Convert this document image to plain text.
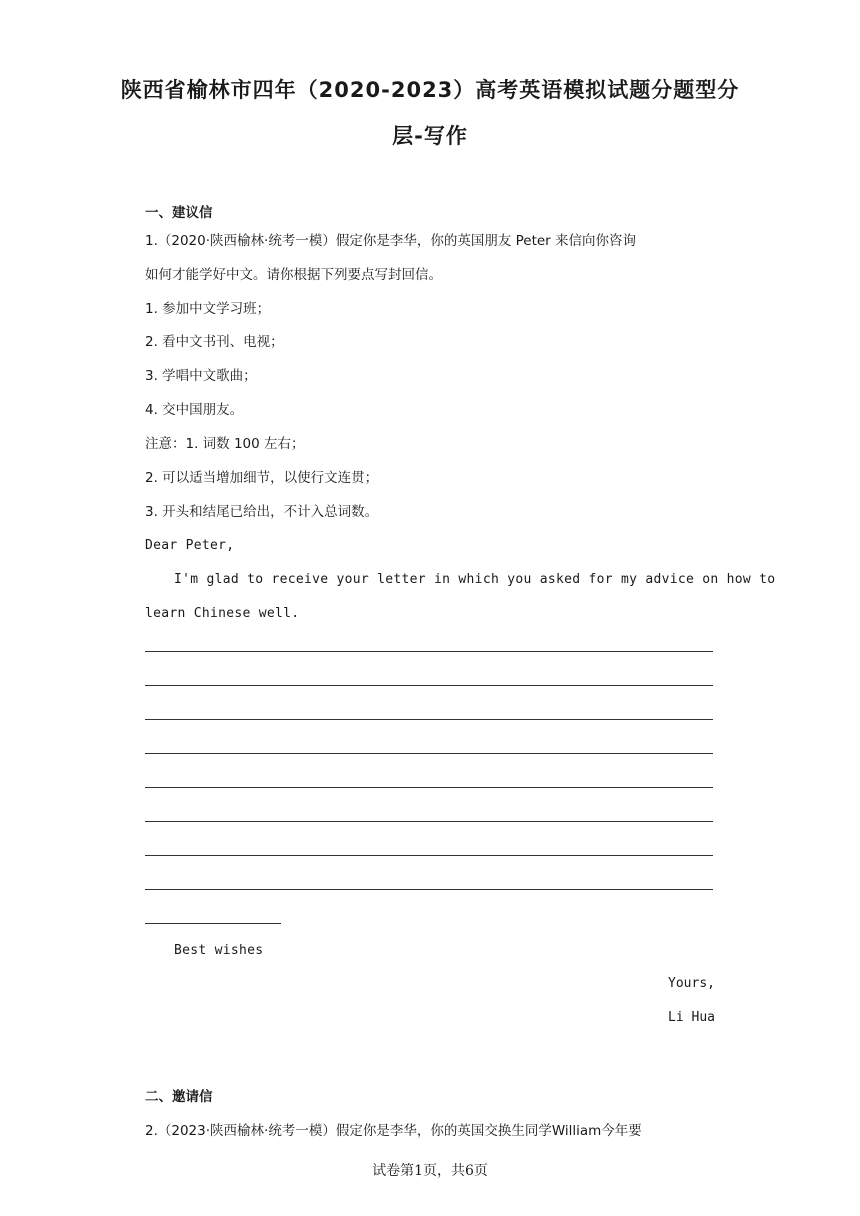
陕西省榆林市四年（2020-2023）高考英语模拟试题分题型分
层-写作
一、建议信
1.（2020·陕西榆林·统考一模）假定你是李华，你的英国朋友 Peter 来信向你咨询
如何才能学好中文。请你根据下列要点写封回信。
1. 参加中文学习班；
2. 看中文书刊、电视；
3. 学唱中文歌曲；
4. 交中国朋友。
注意：1. 词数 100 左右；
2. 可以适当增加细节，以使行文连贯；
3. 开头和结尾已给出，不计入总词数。
Dear Peter,
I'm glad to receive your letter in which you asked for my advice on how to
learn Chinese well.
Best wishes
Yours,
Li Hua
二、邀请信
2.（2023·陕西榆林·统考一模）假定你是李华，你的英国交换生同学William今年要
试卷第1页，共6页
